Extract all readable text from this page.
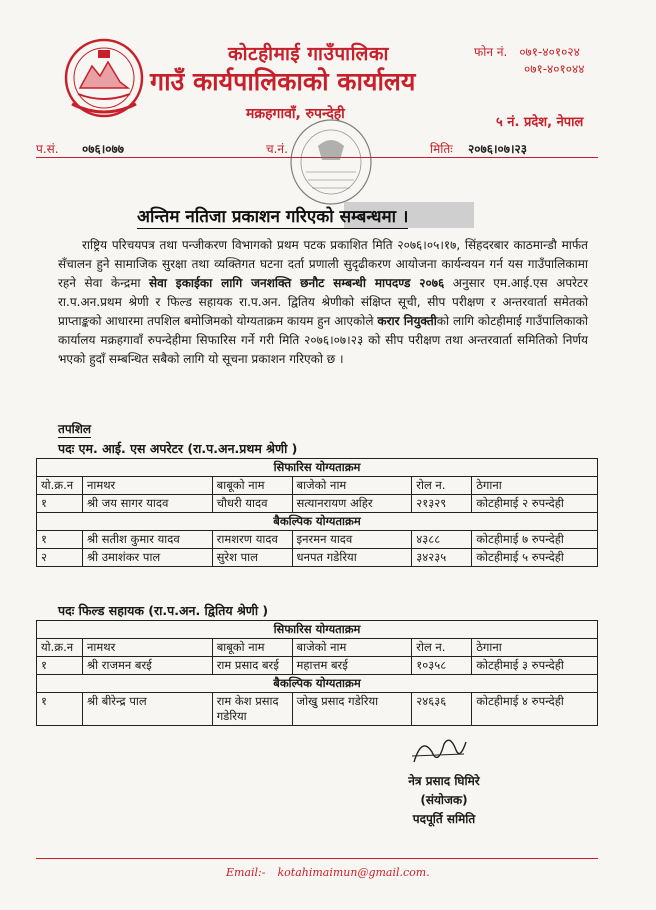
कोटहीमाई गाउँपालिका
गाउँ कार्यपालिकाको कार्यालय
मक्रहगावाँ, रुपन्देही
फोन नं. ०७१-४०१०२४
०७१-४०१०४४
५ नं. प्रदेश, नेपाल
प.सं. ०७६।०७७	च.नं.	मितिः २०७६।०७।२३
अन्तिम नतिजा प्रकाशन गरिएको सम्बन्धमा ।
राष्ट्रिय परिचयपत्र तथा पन्जीकरण विभागको प्रथम पटक प्रकाशित मिति २०७६।०५।१७, सिंहदरबार काठमान्डौ मार्फत सँचालन हुने सामाजिक सुरक्षा तथा व्यक्तिगत घटना दर्ता प्रणाली सुदृढीकरण आयोजना कार्यन्वयन गर्न यस गाउँपालिकामा रहने सेवा केन्द्रमा सेवा इकाईका लागि जनशक्ति छनौट सम्बन्धी मापदण्ड २०७६ अनुसार एम.आई.एस अपरेटर रा.प.अन.प्रथम श्रेणी र फिल्ड सहायक रा.प.अन. द्वितिय श्रेणीको संक्षिप्त सूची, सीप परीक्षण र अन्तरवार्ता समेतको प्राप्ताङ्कको आधारमा तपशिल बमोजिमको योग्यताक्रम कायम हुन आएकोले करार नियुक्तीको लागि कोटहीमाई गाउँपालिकाको कार्यालय मक्रहगावाँ रुपन्देहीमा सिफारिस गर्ने गरी मिति २०७६।०७।२३ को सीप परीक्षण तथा अन्तरवार्ता समितिको निर्णय भएको हुदाँ सम्बन्धित सबैको लागि यो सूचना प्रकाशन गरिएको छ ।
तपशिल
पदः एम. आई. एस अपरेटर (रा.प.अन.प्रथम श्रेणी )
सिफारिस योग्यताक्रम					
यो.क्र.न	नामथर	बाबूको नाम	बाजेको नाम	रोल न.	ठेगाना
१	श्री जय सागर यादव	चौधरी यादव	सत्यानरायण अहिर	२१३२९	कोटहीमाई २ रुपन्देही
बैकल्पिक योग्यताक्रम					
१	श्री सतीश कुमार यादव	रामशरण यादव	इनरमन यादव	४३८८	कोटहीमाई ७ रुपन्देही
२	श्री उमाशंकर पाल	सुरेश पाल	धनपत गडेरिया	३४२३५	कोटहीमाई ५ रुपन्देही
पदः फिल्ड सहायक (रा.प.अन. द्वितिय श्रेणी )
सिफारिस योग्यताक्रम					
यो.क्र.न	नामथर	बाबूको नाम	बाजेको नाम	रोल न.	ठेगाना
१	श्री राजमन बरई	राम प्रसाद बरई	महात्तम बरई	१०३५८	कोटहीमाई ३ रुपन्देही
बैकल्पिक योग्यताक्रम					
१	श्री बीरेन्द्र पाल	राम केश प्रसाद गडेरिया	जोखु प्रसाद गडेरिया	२४६३६	कोटहीमाई ४ रुपन्देही
नेत्र प्रसाद घिमिरे
(संयोजक)
पदपूर्ति समिति
Email:- kotahimaimun@gmail.com.
